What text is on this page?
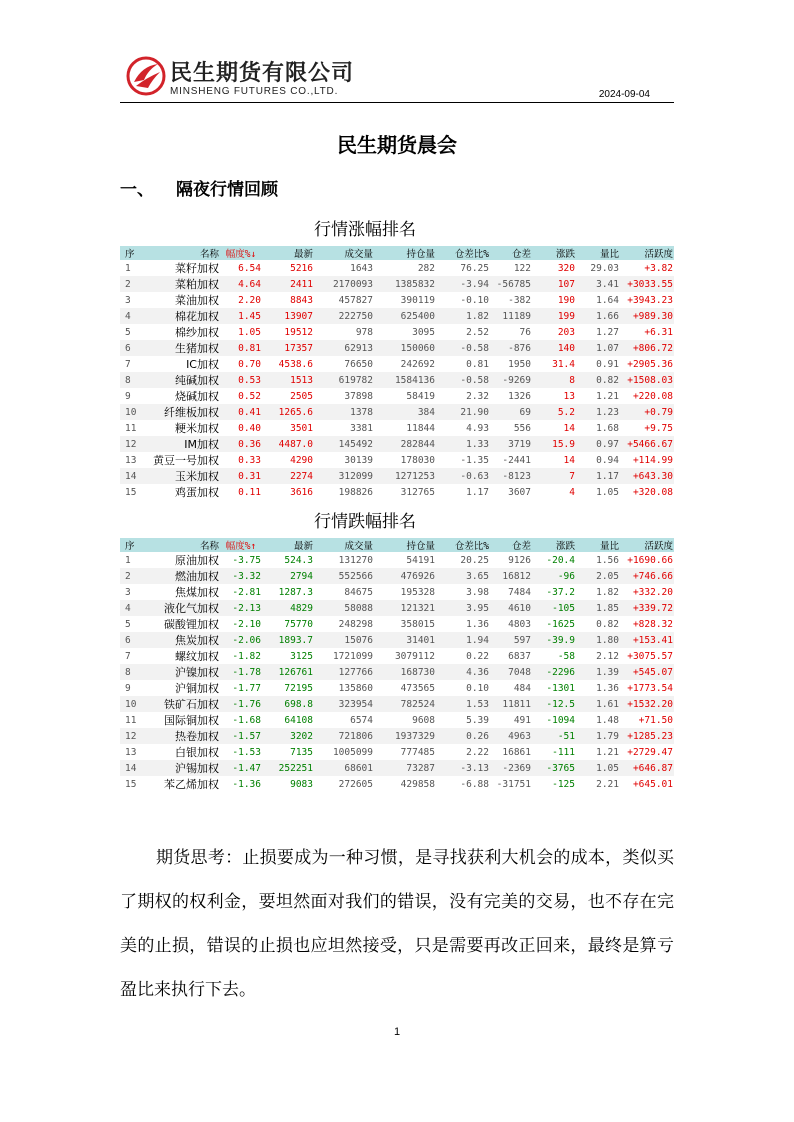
民生期货有限公司
MINSHENG FUTURES CO.,LTD.	2024-09-04
民生期货晨会
一、 隔夜行情回顾
行情涨幅排名
序	名称	幅度%↓	最新	成交量	持仓量	仓差比%	仓差	涨跌	量比	活跃度
1	菜籽加权	6.54	5216	1643	282	76.25	122	320	29.03	+3.82
2	菜粕加权	4.64	2411	2170093	1385832	-3.94	-56785	107	3.41	+3033.55
3	菜油加权	2.20	8843	457827	390119	-0.10	-382	190	1.64	+3943.23
4	棉花加权	1.45	13907	222750	625400	1.82	11189	199	1.66	+989.30
5	棉纱加权	1.05	19512	978	3095	2.52	76	203	1.27	+6.31
6	生猪加权	0.81	17357	62913	150060	-0.58	-876	140	1.07	+806.72
7	IC加权	0.70	4538.6	76650	242692	0.81	1950	31.4	0.91	+2905.36
8	纯碱加权	0.53	1513	619782	1584136	-0.58	-9269	8	0.82	+1508.03
9	烧碱加权	0.52	2505	37898	58419	2.32	1326	13	1.21	+220.08
10	纤维板加权	0.41	1265.6	1378	384	21.90	69	5.2	1.23	+0.79
11	粳米加权	0.40	3501	3381	11844	4.93	556	14	1.68	+9.75
12	IM加权	0.36	4487.0	145492	282844	1.33	3719	15.9	0.97	+5466.67
13	黄豆一号加权	0.33	4290	30139	178030	-1.35	-2441	14	0.94	+114.99
14	玉米加权	0.31	2274	312099	1271253	-0.63	-8123	7	1.17	+643.30
15	鸡蛋加权	0.11	3616	198826	312765	1.17	3607	4	1.05	+320.08
行情跌幅排名
序	名称	幅度%↑	最新	成交量	持仓量	仓差比%	仓差	涨跌	量比	活跃度
1	原油加权	-3.75	524.3	131270	54191	20.25	9126	-20.4	1.56	+1690.66
2	燃油加权	-3.32	2794	552566	476926	3.65	16812	-96	2.05	+746.66
3	焦煤加权	-2.81	1287.3	84675	195328	3.98	7484	-37.2	1.82	+332.20
4	液化气加权	-2.13	4829	58088	121321	3.95	4610	-105	1.85	+339.72
5	碳酸锂加权	-2.10	75770	248298	358015	1.36	4803	-1625	0.82	+828.32
6	焦炭加权	-2.06	1893.7	15076	31401	1.94	597	-39.9	1.80	+153.41
7	螺纹加权	-1.82	3125	1721099	3079112	0.22	6837	-58	2.12	+3075.57
8	沪镍加权	-1.78	126761	127766	168730	4.36	7048	-2296	1.39	+545.07
9	沪铜加权	-1.77	72195	135860	473565	0.10	484	-1301	1.36	+1773.54
10	铁矿石加权	-1.76	698.8	323954	782524	1.53	11811	-12.5	1.61	+1532.20
11	国际铜加权	-1.68	64108	6574	9608	5.39	491	-1094	1.48	+71.50
12	热卷加权	-1.57	3202	721806	1937329	0.26	4963	-51	1.79	+1285.23
13	白银加权	-1.53	7135	1005099	777485	2.22	16861	-111	1.21	+2729.47
14	沪锡加权	-1.47	252251	68601	73287	-3.13	-2369	-3765	1.05	+646.87
15	苯乙烯加权	-1.36	9083	272605	429858	-6.88	-31751	-125	2.21	+645.01
期货思考：止损要成为一种习惯，是寻找获利大机会的成本，类似买了期权的权利金，要坦然面对我们的错误，没有完美的交易，也不存在完美的止损，错误的止损也应坦然接受，只是需要再改正回来，最终是算亏盈比来执行下去。
1
